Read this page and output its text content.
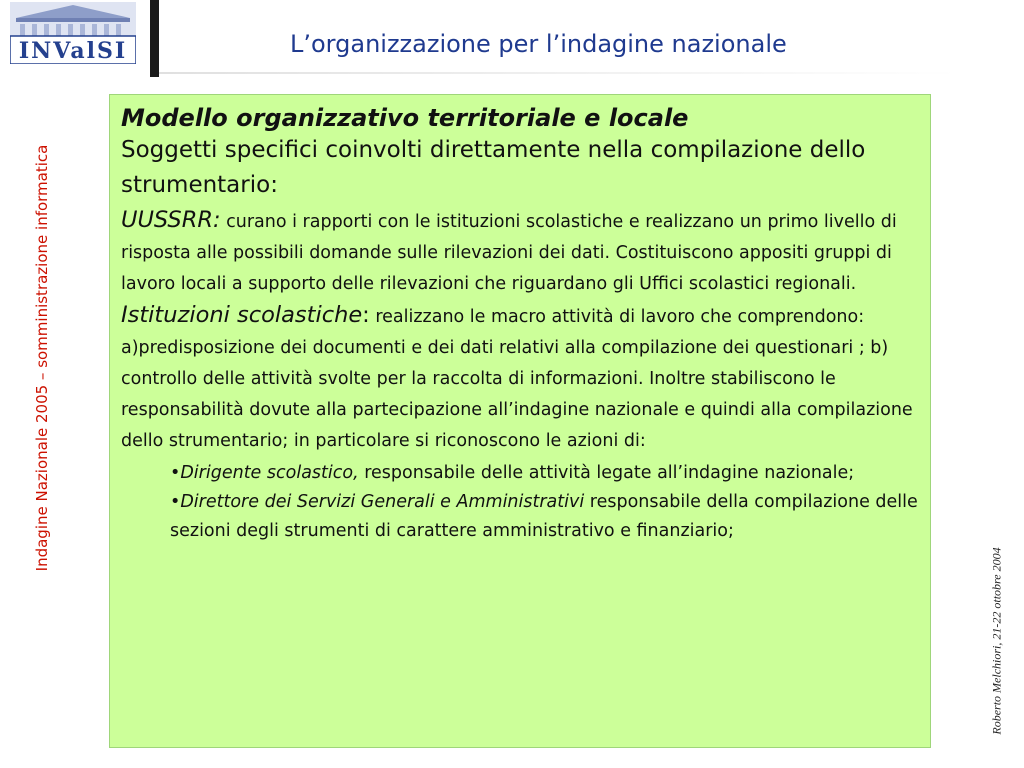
INValSI	L’organizzazione per l’indagine nazionale
Indagine Nazionale 2005 – somministrazione informatica
Roberto Melchiori, 21-22 ottobre 2004

Modello organizzativo territoriale e locale

Soggetti specifici coinvolti direttamente nella compilazione dello strumentario:

UUSSRR: curano i rapporti con le istituzioni scolastiche e realizzano un primo livello di risposta alle possibili domande sulle rilevazioni dei dati. Costituiscono appositi gruppi di lavoro locali a supporto delle rilevazioni che riguardano gli Uffici scolastici regionali.

Istituzioni scolastiche: realizzano le macro attività di lavoro che comprendono: a)predisposizione dei documenti e dei dati relativi alla compilazione dei questionari ; b) controllo delle attività svolte per la raccolta di informazioni. Inoltre stabiliscono le responsabilità dovute alla partecipazione all’indagine nazionale e quindi alla compilazione dello strumentario; in particolare si riconoscono le azioni di:

•Dirigente scolastico, responsabile delle attività legate all’indagine nazionale;
•Direttore dei Servizi Generali e Amministrativi responsabile della compilazione delle sezioni degli strumenti di carattere amministrativo e finanziario;
